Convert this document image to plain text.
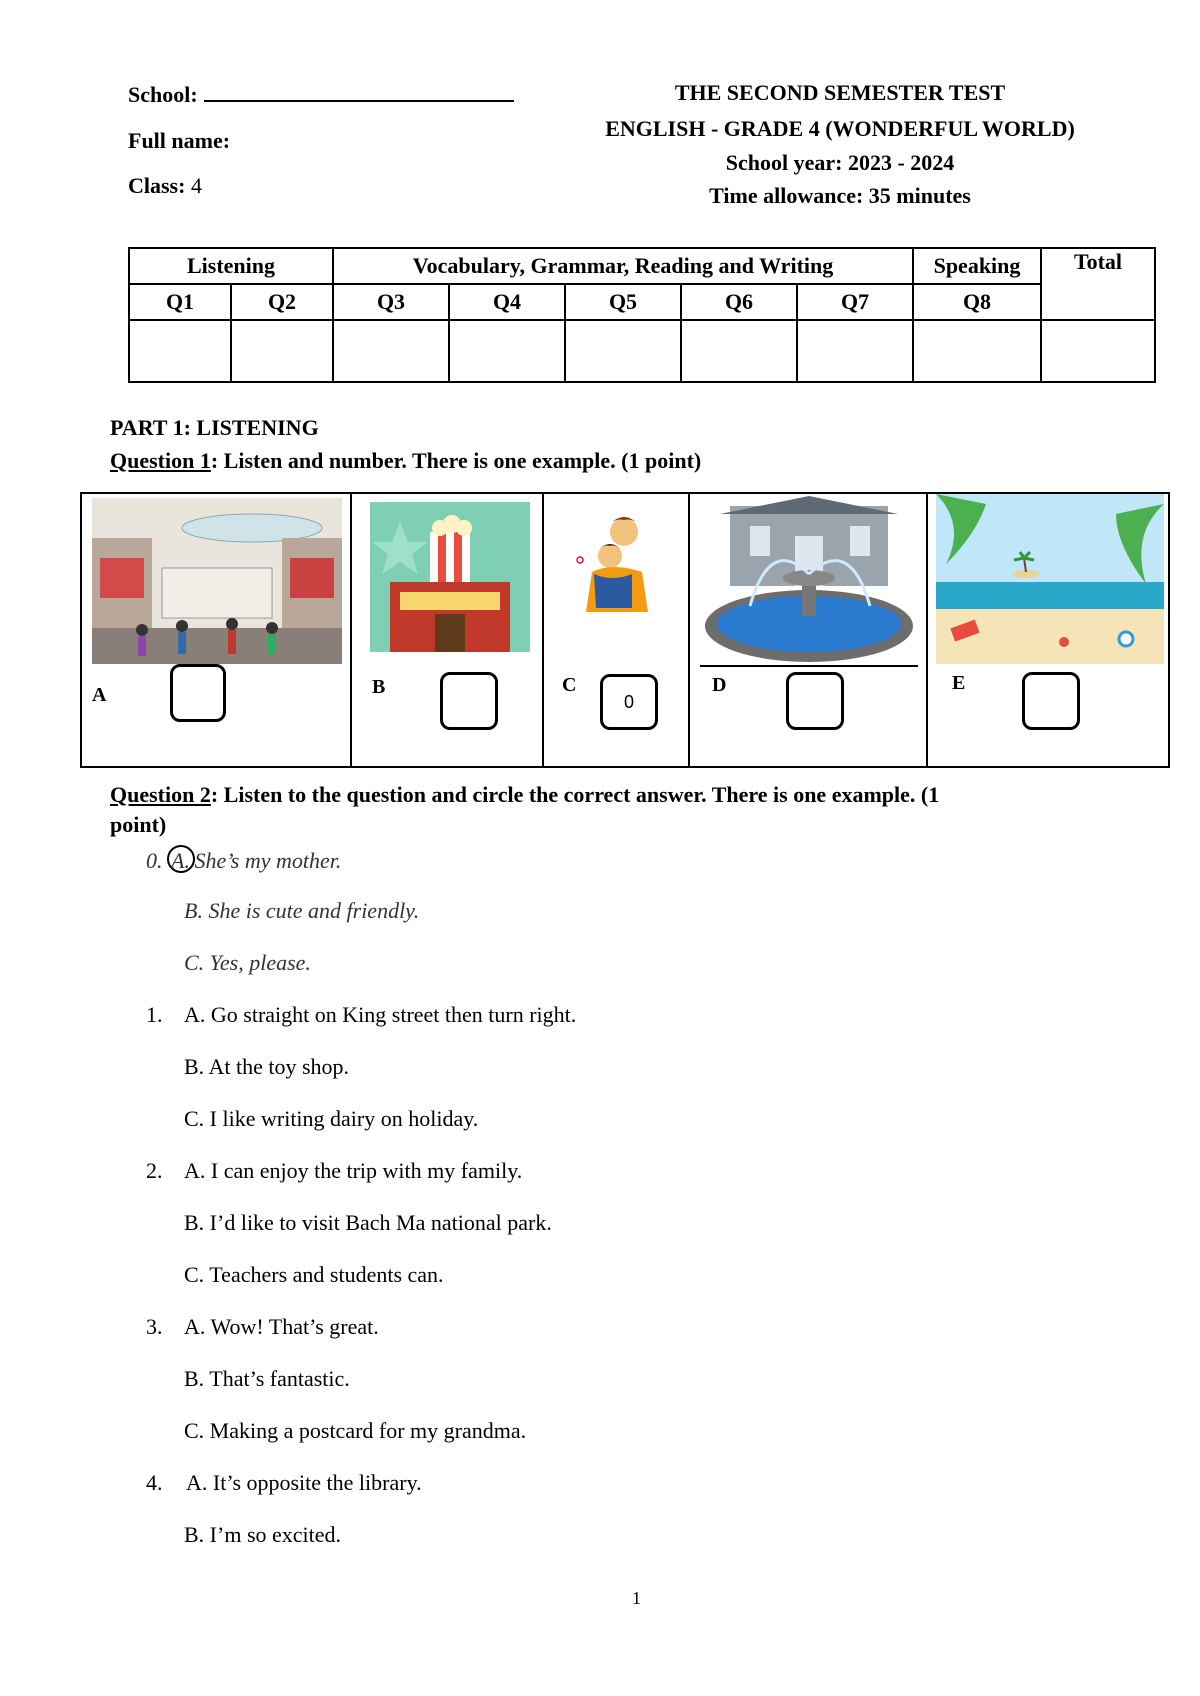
School:
Full name:
Class: 4
THE SECOND SEMESTER TEST
ENGLISH - GRADE 4 (WONDERFUL WORLD)
School year: 2023 - 2024
Time allowance: 35 minutes
Listening		Vocabulary, Grammar, Reading and Writing					Speaking	Total
Q1	Q2	Q3	Q4	Q5	Q6	Q7	Q8	

PART 1: LISTENING
Question 1: Listen and number. There is one example. (1 point)
A	B	C
0
D	E
Question 2: Listen to the question and circle the correct answer. There is one example. (1
point)
0. A. She’s my mother.
B. She is cute and friendly.
C. Yes, please.
1. A. Go straight on King street then turn right.
B. At the toy shop.
C. I like writing dairy on holiday.
2. A. I can enjoy the trip with my family.
B. I’d like to visit Bach Ma national park.
C. Teachers and students can.
3. A. Wow! That’s great.
B. That’s fantastic.
C. Making a postcard for my grandma.
4. A. It’s opposite the library.
B. I’m so excited.
1
